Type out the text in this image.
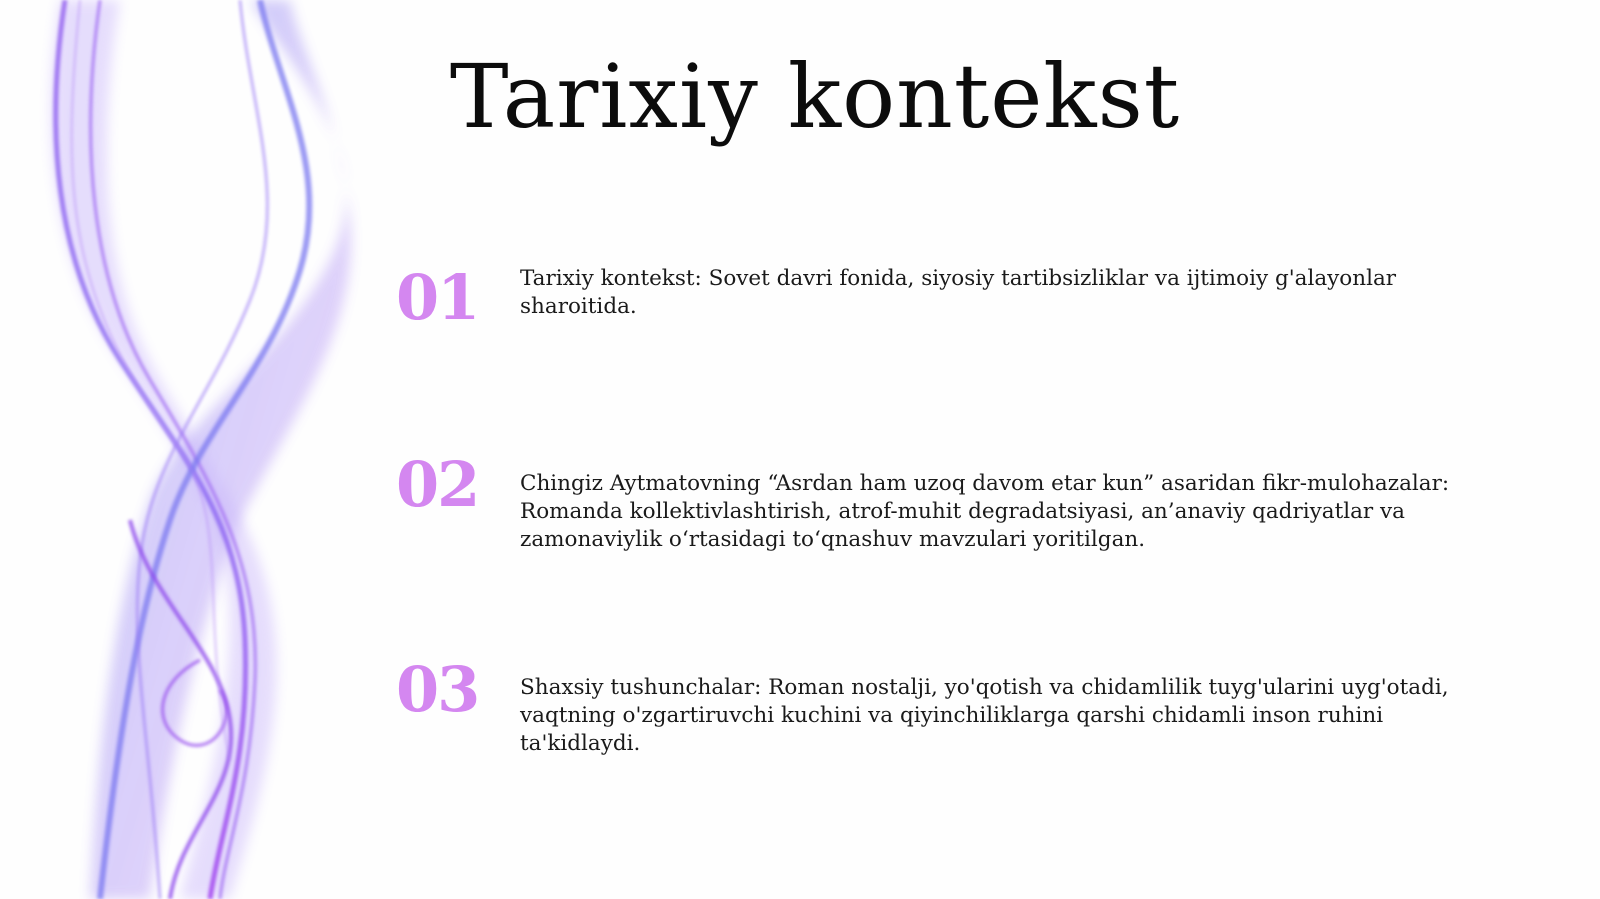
Tarixiy kontekst
01 Tarixiy kontekst: Sovet davri fonida, siyosiy tartibsizliklar va ijtimoiy g'alayonlar sharoitida.
02 Chingiz Aytmatovning “Asrdan ham uzoq davom etar kun” asaridan fikr-mulohazalar: Romanda kollektivlashtirish, atrof-muhit degradatsiyasi, an’anaviy qadriyatlar va zamonaviylik o‘rtasidagi to‘qnashuv mavzulari yoritilgan.
03 Shaxsiy tushunchalar: Roman nostalji, yo'qotish va chidamlilik tuyg'ularini uyg'otadi, vaqtning o'zgartiruvchi kuchini va qiyinchiliklarga qarshi chidamli inson ruhini ta'kidlaydi.
